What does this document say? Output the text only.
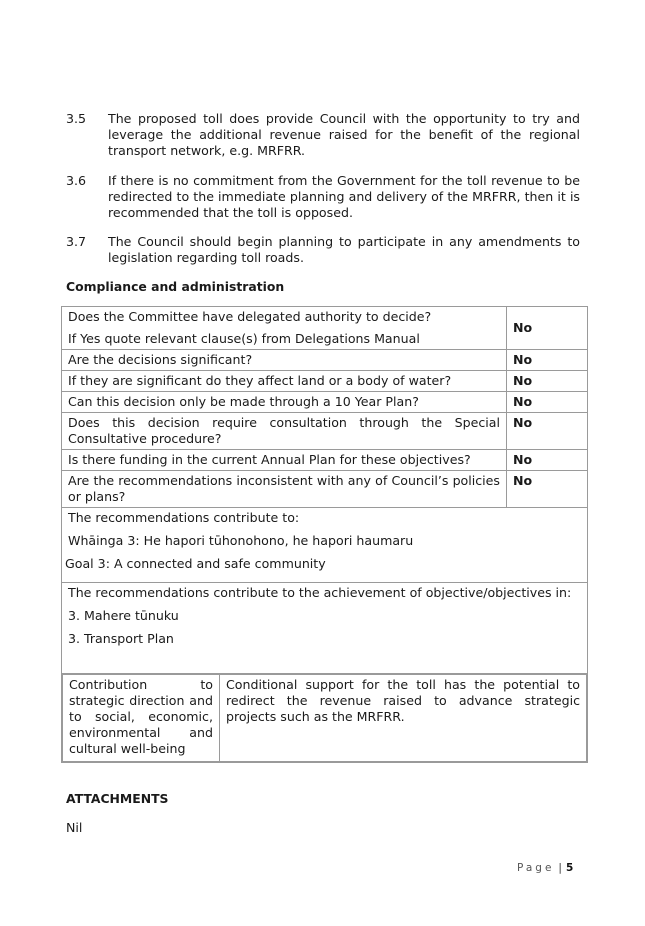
3.5 The proposed toll does provide Council with the opportunity to try and leverage the additional revenue raised for the benefit of the regional transport network, e.g. MRFRR.
3.6 If there is no commitment from the Government for the toll revenue to be redirected to the immediate planning and delivery of the MRFRR, then it is recommended that the toll is opposed.
3.7 The Council should begin planning to participate in any amendments to legislation regarding toll roads.
Compliance and administration
Does the Committee have delegated authority to decide?
If Yes quote relevant clause(s) from Delegations Manual
	No
Are the decisions significant?	No
If they are significant do they affect land or a body of water?	No
Can this decision only be made through a 10 Year Plan?	No
Does this decision require consultation through the Special Consultative procedure?	No
Is there funding in the current Annual Plan for these objectives?	No
Are the recommendations inconsistent with any of Council’s policies or plans?	No

The recommendations contribute to:

Whāinga 3: He hapori tūhonohono, he hapori haumaru

Goal 3: A connected and safe community

The recommendations contribute to the achievement of objective/objectives in:

3. Mahere tūnuku

3. Transport Plan

Contribution to strategic direction and to social, economic, environmental and cultural well-being	Conditional support for the toll has the potential to redirect the revenue raised to advance strategic projects such as the MRFRR.
ATTACHMENTS
Nil
Page | 5
